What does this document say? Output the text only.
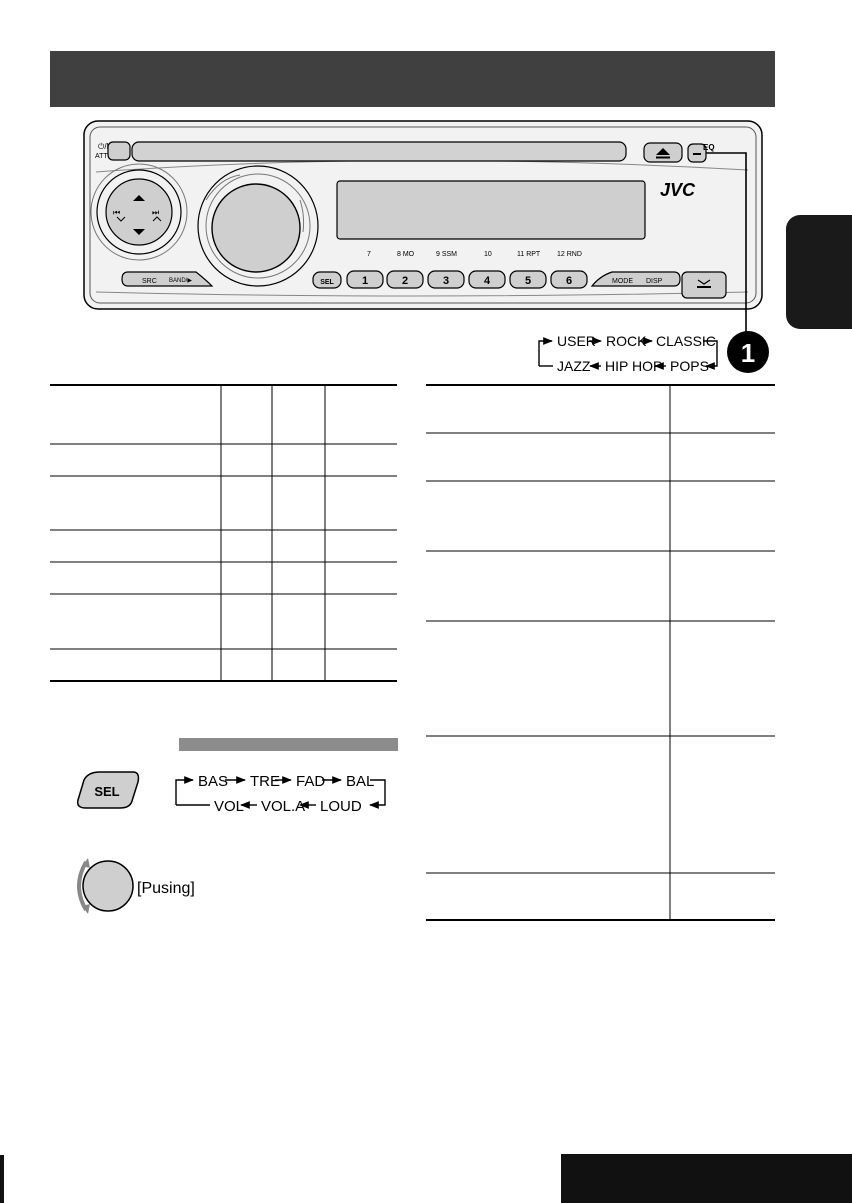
⏻/I
ATT
EQ
⏮	⏭
JVC
7	8 MO	9 SSM	10	11 RPT 12 RND
SRC BAND/▶	SEL	1	2	3	4	5	6	MODE DISP
USER ROCK CLASSIC
POPS
HIP HOP
JAZZ	1
SEL
BAS TRE FAD BAL
LOUD
VOL.A
VOL
[Pusing]
